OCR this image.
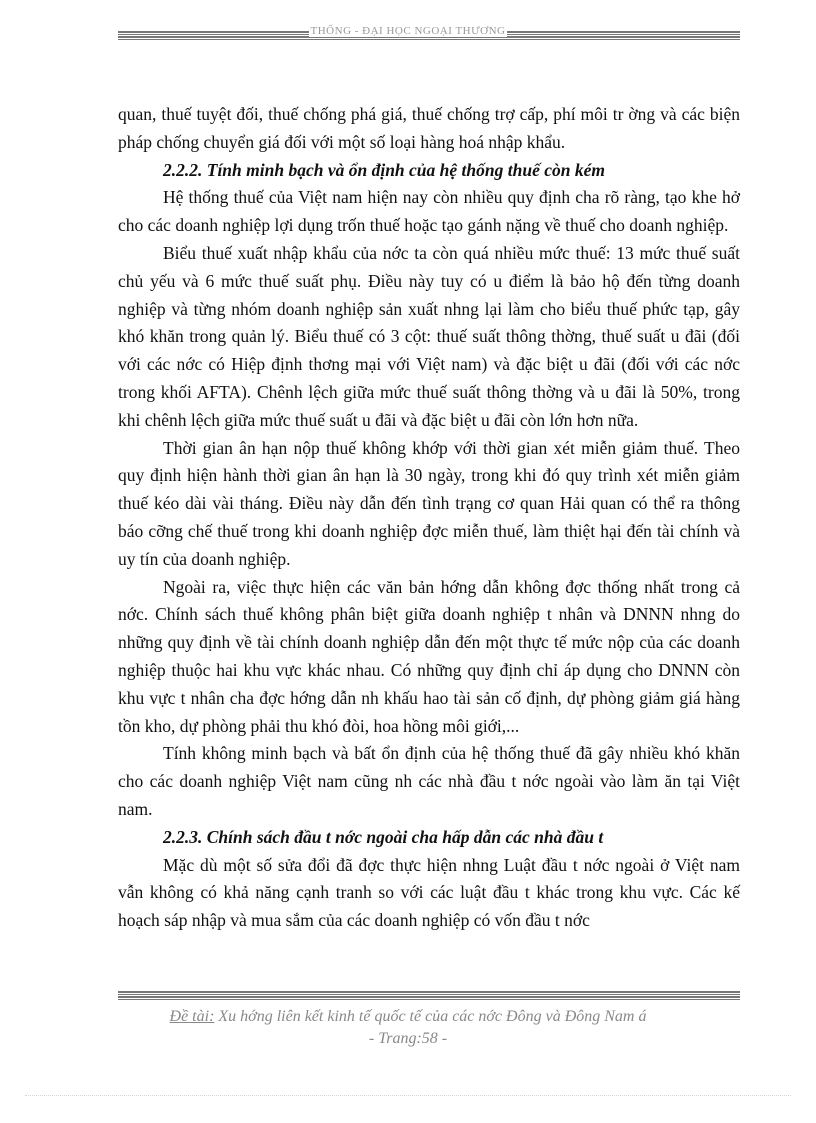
THỐNG - ĐẠI HỌC NGOẠI THƯƠNG

quan, thuế tuyệt đối, thuế chống phá giá, thuế chống trợ cấp, phí môi tr ờng và các biện pháp chống chuyển giá đối với một số loại hàng hoá nhập khẩu.

2.2.2. Tính minh bạch và ổn định của hệ thống thuế còn kém

Hệ thống thuế của Việt nam hiện nay còn nhiều quy định cha rõ ràng, tạo khe hở cho các doanh nghiệp lợi dụng trốn thuế hoặc tạo gánh nặng về thuế cho doanh nghiệp.

Biểu thuế xuất nhập khẩu của nớc ta còn quá nhiều mức thuế: 13 mức thuế suất chủ yếu và 6 mức thuế suất phụ. Điều này tuy có u điểm là bảo hộ đến từng doanh nghiệp và từng nhóm doanh nghiệp sản xuất nhng lại làm cho biểu thuế phức tạp, gây khó khăn trong quản lý. Biểu thuế có 3 cột: thuế suất thông thờng, thuế suất u đãi (đối với các nớc có Hiệp định thơng mại với Việt nam) và đặc biệt u đãi (đối với các nớc trong khối AFTA). Chênh lệch giữa mức thuế suất thông thờng và u đãi là 50%, trong khi chênh lệch giữa mức thuế suất u đãi và đặc biệt u đãi còn lớn hơn nữa.

Thời gian ân hạn nộp thuế không khớp với thời gian xét miễn giảm thuế. Theo quy định hiện hành thời gian ân hạn là 30 ngày, trong khi đó quy trình xét miễn giảm thuế kéo dài vài tháng. Điều này dẫn đến tình trạng cơ quan Hải quan có thể ra thông báo cỡng chế thuế trong khi doanh nghiệp đợc miễn thuế, làm thiệt hại đến tài chính và uy tín của doanh nghiệp.

Ngoài ra, việc thực hiện các văn bản hớng dẫn không đợc thống nhất trong cả nớc. Chính sách thuế không phân biệt giữa doanh nghiệp t nhân và DNNN nhng do những quy định về tài chính doanh nghiệp dẫn đến một thực tế mức nộp của các doanh nghiệp thuộc hai khu vực khác nhau. Có những quy định chỉ áp dụng cho DNNN còn khu vực t nhân cha đợc hớng dẫn nh khấu hao tài sản cố định, dự phòng giảm giá hàng tồn kho, dự phòng phải thu khó đòi, hoa hồng môi giới,...

Tính không minh bạch và bất ổn định của hệ thống thuế đã gây nhiều khó khăn cho các doanh nghiệp Việt nam cũng nh các nhà đầu t nớc ngoài vào làm ăn tại Việt nam.

2.2.3. Chính sách đầu t nớc ngoài cha hấp dẫn các nhà đầu t

Mặc dù một số sửa đổi đã đợc thực hiện nhng Luật đầu t nớc ngoài ở Việt nam vẫn không có khả năng cạnh tranh so với các luật đầu t khác trong khu vực. Các kế hoạch sáp nhập và mua sắm của các doanh nghiệp có vốn đầu t nớc

Đề tài: Xu hớng liên kết kinh tế quốc tế của các nớc Đông và Đông Nam á
- Trang:58 -
